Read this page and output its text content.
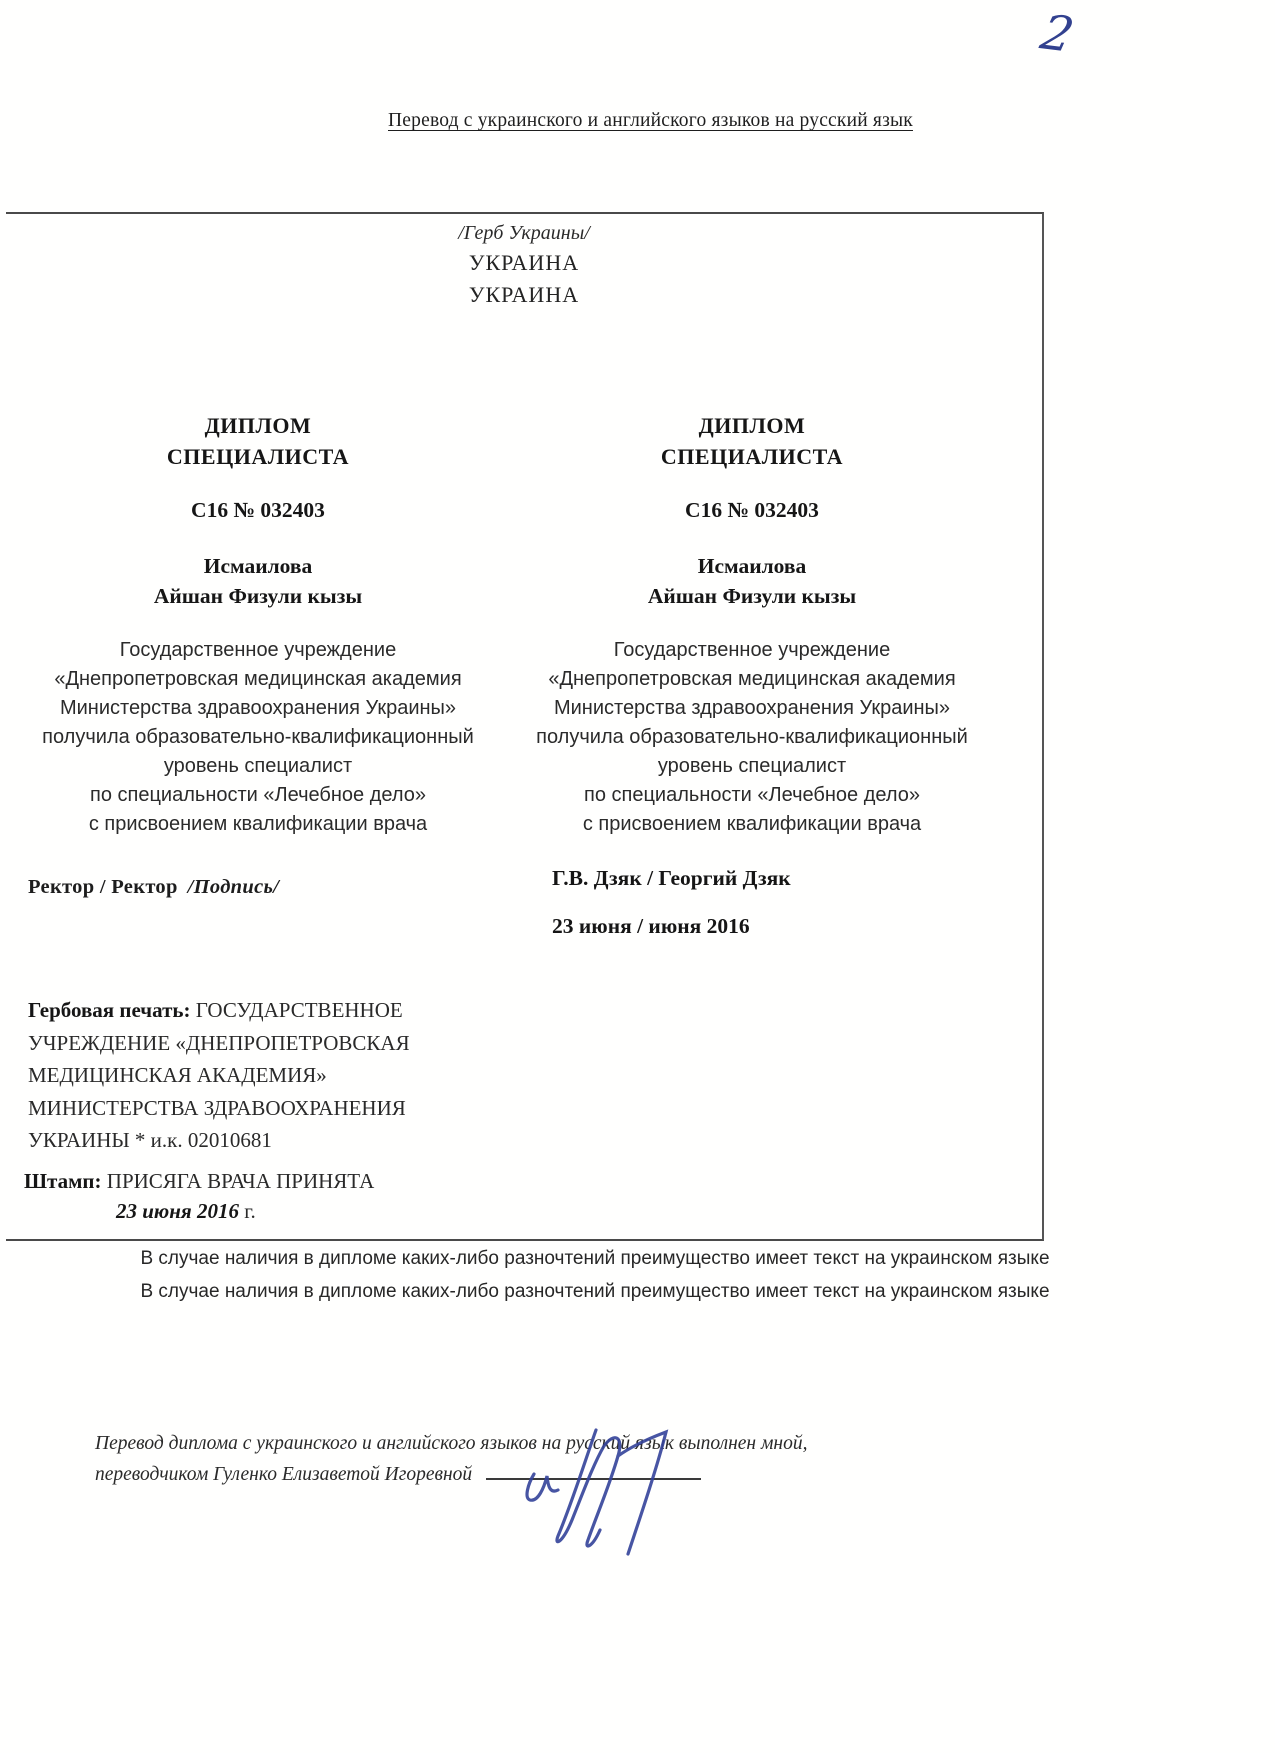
2
Перевод с украинского и английского языков на русский язык
/Герб Украины/
УКРАИНА
УКРАИНА
ДИПЛОМ
СПЕЦИАЛИСТА
С16 № 032403
Исмаилова
Айшан Физули кызы
Государственное учреждение
«Днепропетровская медицинская академия
Министерства здравоохранения Украины»
получила образовательно-квалификационный
уровень специалист
по специальности «Лечебное дело»
с присвоением квалификации врача
ДИПЛОМ
СПЕЦИАЛИСТА
С16 № 032403
Исмаилова
Айшан Физули кызы
Государственное учреждение
«Днепропетровская медицинская академия
Министерства здравоохранения Украины»
получила образовательно-квалификационный
уровень специалист
по специальности «Лечебное дело»
с присвоением квалификации врача
Ректор / Ректор /Подпись/	Г.В. Дзяк / Георгий Дзяк
23 июня / июня 2016
Гербовая печать: ГОСУДАРСТВЕННОЕ
УЧРЕЖДЕНИЕ «ДНЕПРОПЕТРОВСКАЯ
МЕДИЦИНСКАЯ АКАДЕМИЯ»
МИНИСТЕРСТВА ЗДРАВООХРАНЕНИЯ
УКРАИНЫ * и.к. 02010681
Штамп: ПРИСЯГА ВРАЧА ПРИНЯТА
23 июня 2016 г.
В случае наличия в дипломе каких-либо разночтений преимущество имеет текст на украинском языке
В случае наличия в дипломе каких-либо разночтений преимущество имеет текст на украинском языке
Перевод диплома с украинского и английского языков на русский язык выполнен мной,
переводчиком Гуленко Елизаветой Игоревной
